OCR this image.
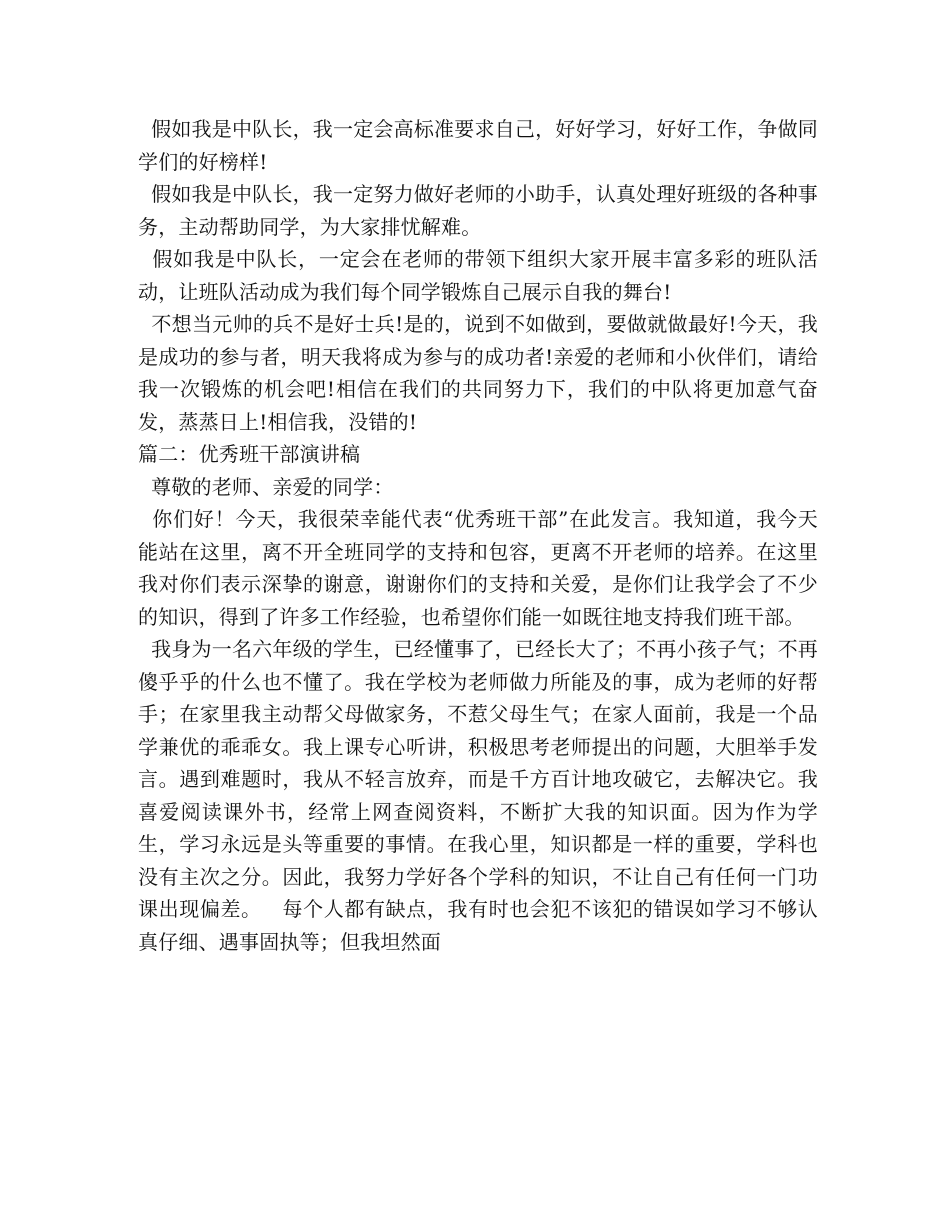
假如我是中队长，我一定会高标准要求自己，好好学习，好好工作，争做同学们的好榜样!

假如我是中队长，我一定努力做好老师的小助手，认真处理好班级的各种事务，主动帮助同学，为大家排忧解难。

假如我是中队长，一定会在老师的带领下组织大家开展丰富多彩的班队活动，让班队活动成为我们每个同学锻炼自己展示自我的舞台!

不想当元帅的兵不是好士兵!是的，说到不如做到，要做就做最好!今天，我是成功的参与者，明天我将成为参与的成功者!亲爱的老师和小伙伴们，请给我一次锻炼的机会吧!相信在我们的共同努力下，我们的中队将更加意气奋发，蒸蒸日上!相信我，没错的!

篇二：优秀班干部演讲稿

尊敬的老师、亲爱的同学：

你们好！今天，我很荣幸能代表“优秀班干部”在此发言。我知道，我今天能站在这里，离不开全班同学的支持和包容，更离不开老师的培养。在这里我对你们表示深挚的谢意，谢谢你们的支持和关爱，是你们让我学会了不少的知识，得到了许多工作经验，也希望你们能一如既往地支持我们班干部。

我身为一名六年级的学生，已经懂事了，已经长大了；不再小孩子气；不再傻乎乎的什么也不懂了。我在学校为老师做力所能及的事，成为老师的好帮手；在家里我主动帮父母做家务，不惹父母生气；在家人面前，我是一个品学兼优的乖乖女。我上课专心听讲，积极思考老师提出的问题，大胆举手发言。遇到难题时，我从不轻言放弃，而是千方百计地攻破它，去解决它。我喜爱阅读课外书，经常上网查阅资料，不断扩大我的知识面。因为作为学生，学习永远是头等重要的事情。在我心里，知识都是一样的重要，学科也没有主次之分。因此，我努力学好各个学科的知识，不让自己有任何一门功课出现偏差。   每个人都有缺点，我有时也会犯不该犯的错误如学习不够认真仔细、遇事固执等；但我坦然面
